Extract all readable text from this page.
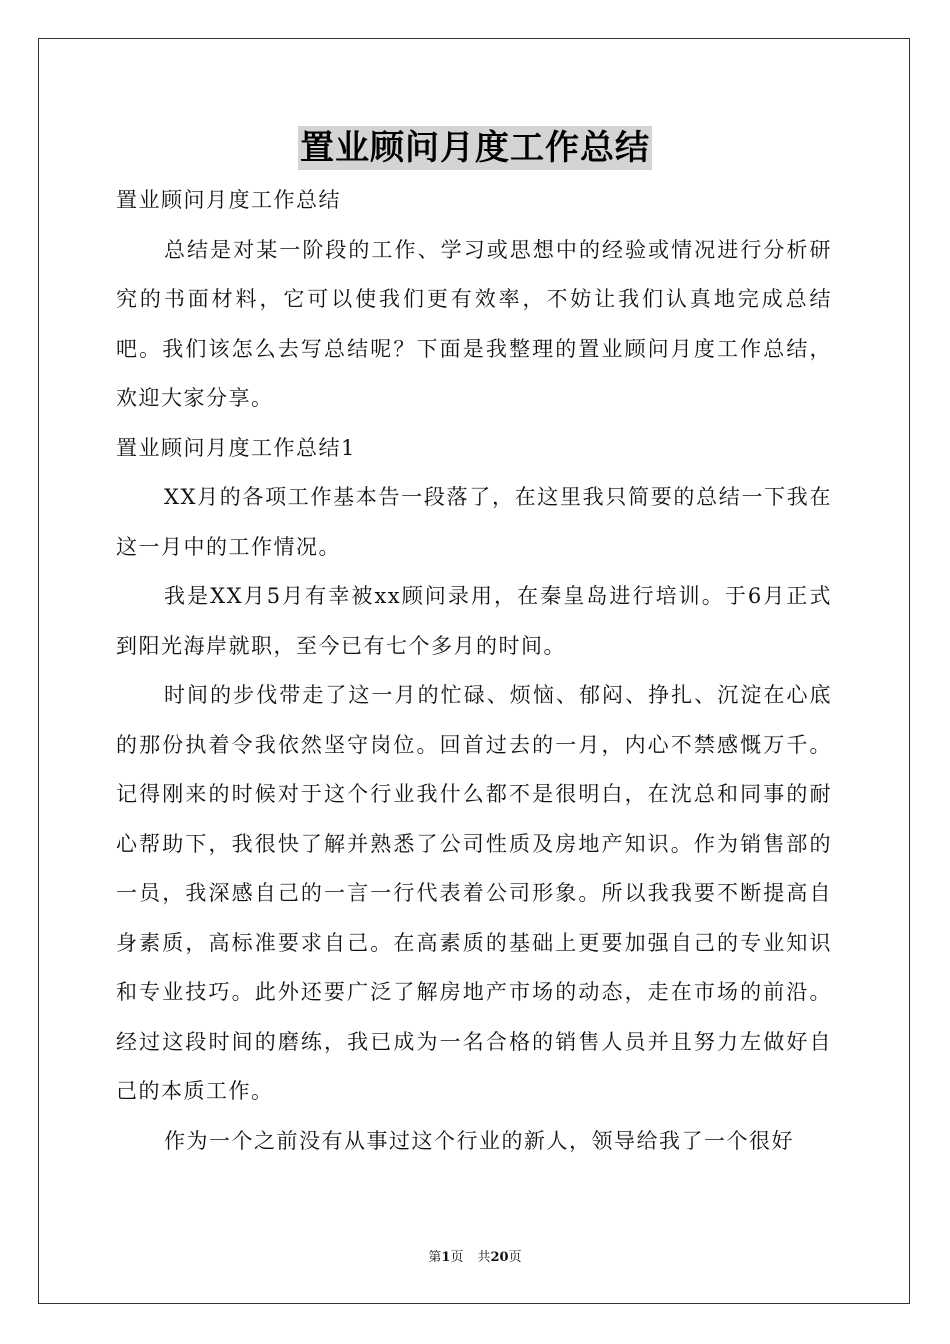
置业顾问月度工作总结

置业顾问月度工作总结

总结是对某一阶段的工作、学习或思想中的经验或情况进行分析研究的书面材料，它可以使我们更有效率，不妨让我们认真地完成总结吧。我们该怎么去写总结呢？下面是我整理的置业顾问月度工作总结，欢迎大家分享。

置业顾问月度工作总结1

XX月的各项工作基本告一段落了，在这里我只简要的总结一下我在这一月中的工作情况。

我是XX月5月有幸被xx顾问录用，在秦皇岛进行培训。于6月正式到阳光海岸就职，至今已有七个多月的时间。

时间的步伐带走了这一月的忙碌、烦恼、郁闷、挣扎、沉淀在心底的那份执着令我依然坚守岗位。回首过去的一月，内心不禁感慨万千。记得刚来的时候对于这个行业我什么都不是很明白，在沈总和同事的耐心帮助下，我很快了解并熟悉了公司性质及房地产知识。作为销售部的一员，我深感自己的一言一行代表着公司形象。所以我我要不断提高自身素质，高标准要求自己。在高素质的基础上更要加强自己的专业知识和专业技巧。此外还要广泛了解房地产市场的动态，走在市场的前沿。经过这段时间的磨练，我已成为一名合格的销售人员并且努力左做好自己的本质工作。

作为一个之前没有从事过这个行业的新人，领导给我了一个很好

第1页 共20页
